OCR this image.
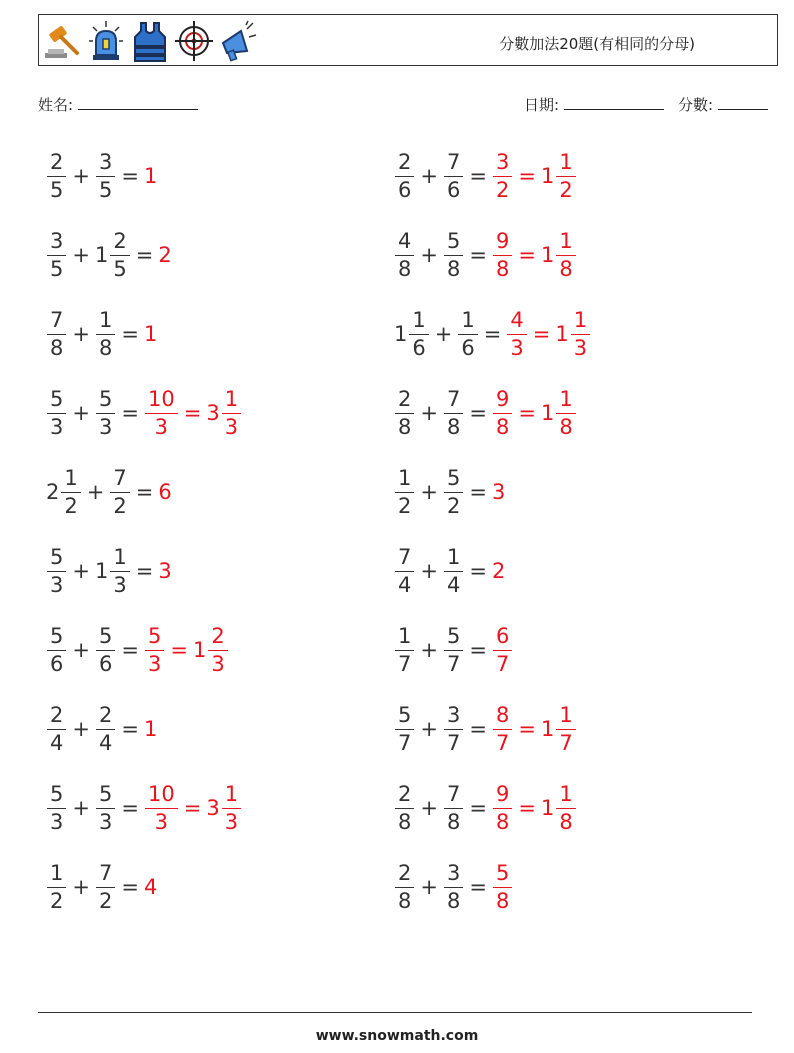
分數加法20題(有相同的分母)
姓名:	日期:	分數:
$\frac{2}{5} + \frac{3}{5} = 1$	$\frac{2}{6} + \frac{7}{6} = \frac{3}{2} = 1 \frac{1}{2}$
$\frac{3}{5} + 1 \frac{2}{5} = 2$	$\frac{4}{8} + \frac{5}{8} = \frac{9}{8} = 1 \frac{1}{8}$
$\frac{7}{8} + \frac{1}{8} = 1$	$1 \frac{1}{6} + \frac{1}{6} = \frac{4}{3} = 1 \frac{1}{3}$
$\frac{5}{3} + \frac{5}{3} = \frac{10}{3} = 3 \frac{1}{3}$	$\frac{2}{8} + \frac{7}{8} = \frac{9}{8} = 1 \frac{1}{8}$
$2 \frac{1}{2} + \frac{7}{2} = 6$	$\frac{1}{2} + \frac{5}{2} = 3$
$\frac{5}{3} + 1 \frac{1}{3} = 3$	$\frac{7}{4} + \frac{1}{4} = 2$
$\frac{5}{6} + \frac{5}{6} = \frac{5}{3} = 1 \frac{2}{3}$	$\frac{1}{7} + \frac{5}{7} = \frac{6}{7}$
$\frac{2}{4} + \frac{2}{4} = 1$	$\frac{5}{7} + \frac{3}{7} = \frac{8}{7} = 1 \frac{1}{7}$
$\frac{5}{3} + \frac{5}{3} = \frac{10}{3} = 3 \frac{1}{3}$	$\frac{2}{8} + \frac{7}{8} = \frac{9}{8} = 1 \frac{1}{8}$
$\frac{1}{2} + \frac{7}{2} = 4$	$\frac{2}{8} + \frac{3}{8} = \frac{5}{8}$
www.snowmath.com
